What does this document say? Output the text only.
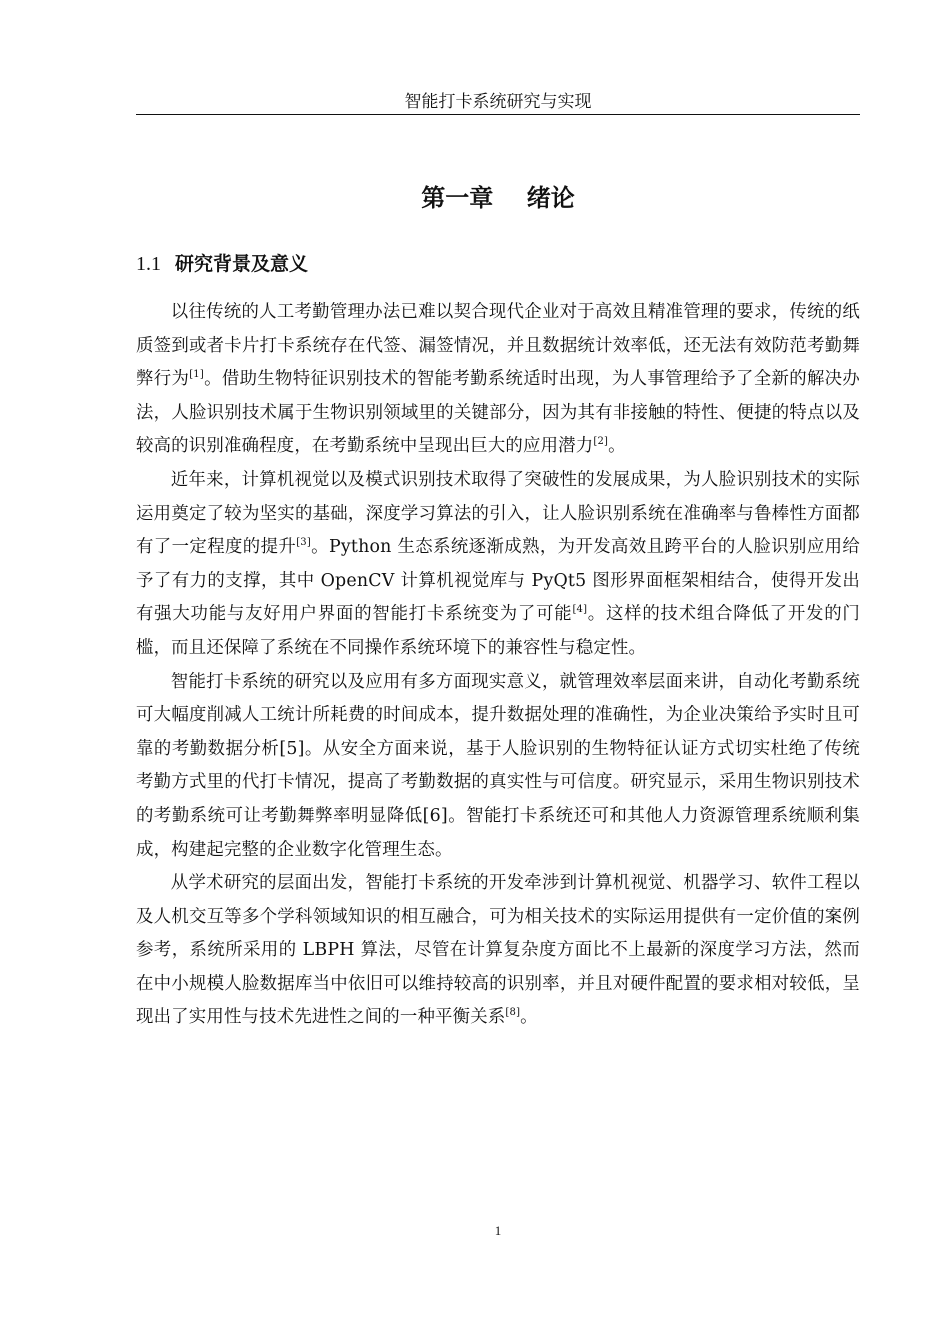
智能打卡系统研究与实现
第一章    绪论
1.1 研究背景及意义

以往传统的人工考勤管理办法已难以契合现代企业对于高效且精准管理的要求，传统的纸质签到或者卡片打卡系统存在代签、漏签情况，并且数据统计效率低，还无法有效防范考勤舞弊行为[1]。借助生物特征识别技术的智能考勤系统适时出现，为人事管理给予了全新的解决办法，人脸识别技术属于生物识别领域里的关键部分，因为其有非接触的特性、便捷的特点以及较高的识别准确程度，在考勤系统中呈现出巨大的应用潜力[2]。

近年来，计算机视觉以及模式识别技术取得了突破性的发展成果，为人脸识别技术的实际运用奠定了较为坚实的基础，深度学习算法的引入，让人脸识别系统在准确率与鲁棒性方面都有了一定程度的提升[3]。Python 生态系统逐渐成熟，为开发高效且跨平台的人脸识别应用给予了有力的支撑，其中 OpenCV 计算机视觉库与 PyQt5 图形界面框架相结合，使得开发出有强大功能与友好用户界面的智能打卡系统变为了可能[4]。这样的技术组合降低了开发的门槛，而且还保障了系统在不同操作系统环境下的兼容性与稳定性。

智能打卡系统的研究以及应用有多方面现实意义，就管理效率层面来讲，自动化考勤系统可大幅度削减人工统计所耗费的时间成本，提升数据处理的准确性，为企业决策给予实时且可靠的考勤数据分析[5]。从安全方面来说，基于人脸识别的生物特征认证方式切实杜绝了传统考勤方式里的代打卡情况，提高了考勤数据的真实性与可信度。研究显示，采用生物识别技术的考勤系统可让考勤舞弊率明显降低[6]。智能打卡系统还可和其他人力资源管理系统顺利集成，构建起完整的企业数字化管理生态。

从学术研究的层面出发，智能打卡系统的开发牵涉到计算机视觉、机器学习、软件工程以及人机交互等多个学科领域知识的相互融合，可为相关技术的实际运用提供有一定价值的案例参考，系统所采用的 LBPH 算法，尽管在计算复杂度方面比不上最新的深度学习方法，然而在中小规模人脸数据库当中依旧可以维持较高的识别率，并且对硬件配置的要求相对较低，呈现出了实用性与技术先进性之间的一种平衡关系[8]。

1
